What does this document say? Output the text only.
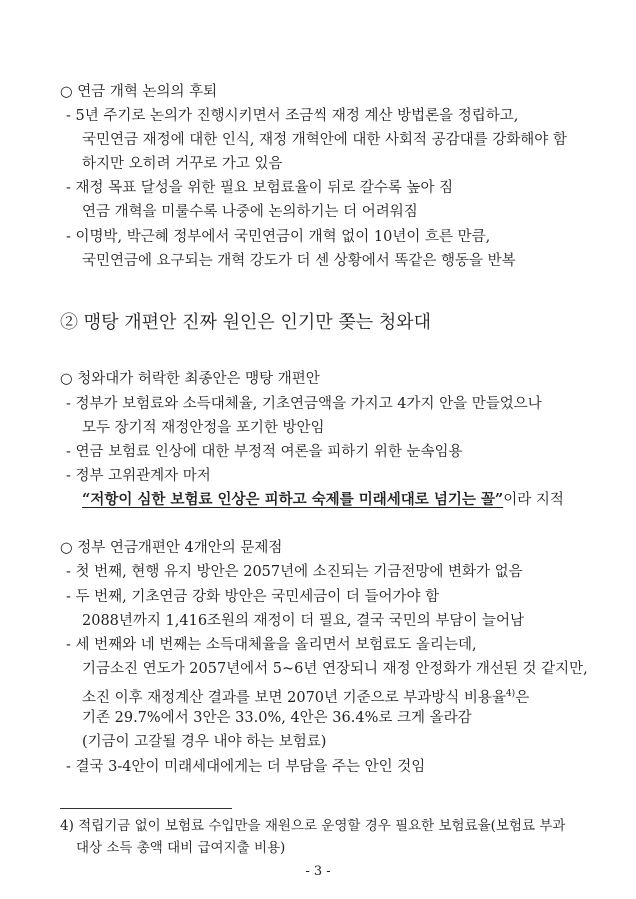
○ 연금 개혁 논의의 후퇴
- 5년 주기로 논의가 진행시키면서 조금씩 재정 계산 방법론을 정립하고,
국민연금 재정에 대한 인식, 재정 개혁안에 대한 사회적 공감대를 강화해야 함
하지만 오히려 거꾸로 가고 있음
- 재정 목표 달성을 위한 필요 보험료율이 뒤로 갈수록 높아 짐
연금 개혁을 미룰수록 나중에 논의하기는 더 어려워짐
- 이명박, 박근혜 정부에서 국민연금이 개혁 없이 10년이 흐른 만큼,
국민연금에 요구되는 개혁 강도가 더 센 상황에서 똑같은 행동을 반복
② 맹탕 개편안 진짜 원인은 인기만 쫒는 청와대
○ 청와대가 허락한 최종안은 맹탕 개편안
- 정부가 보험료와 소득대체율, 기초연금액을 가지고 4가지 안을 만들었으나
모두 장기적 재정안정을 포기한 방안임
- 연금 보험료 인상에 대한 부정적 여론을 피하기 위한 눈속임용
- 정부 고위관계자 마저
“저항이 심한 보험료 인상은 피하고 숙제를 미래세대로 넘기는 꼴”이라 지적
○ 정부 연금개편안 4개안의 문제점
- 첫 번째, 현행 유지 방안은 2057년에 소진되는 기금전망에 변화가 없음
- 두 번째, 기초연금 강화 방안은 국민세금이 더 들어가야 함
2088년까지 1,416조원의 재정이 더 필요, 결국 국민의 부담이 늘어남
- 세 번째와 네 번째는 소득대체율을 올리면서 보험료도 올리는데,
기금소진 연도가 2057년에서 5~6년 연장되니 재정 안정화가 개선된 것 같지만,
소진 이후 재정계산 결과를 보면 2070년 기준으로 부과방식 비용율$^{4)}$은
기존 29.7%에서 3안은 33.0%, 4안은 36.4%로 크게 올라감
(기금이 고갈될 경우 내야 하는 보험료)
- 결국 3-4안이 미래세대에게는 더 부담을 주는 안인 것임
4) 적립기금 없이 보험료 수입만을 재원으로 운영할 경우 필요한 보험료율(보험료 부과
대상 소득 총액 대비 급여지출 비용)
- 3 -
